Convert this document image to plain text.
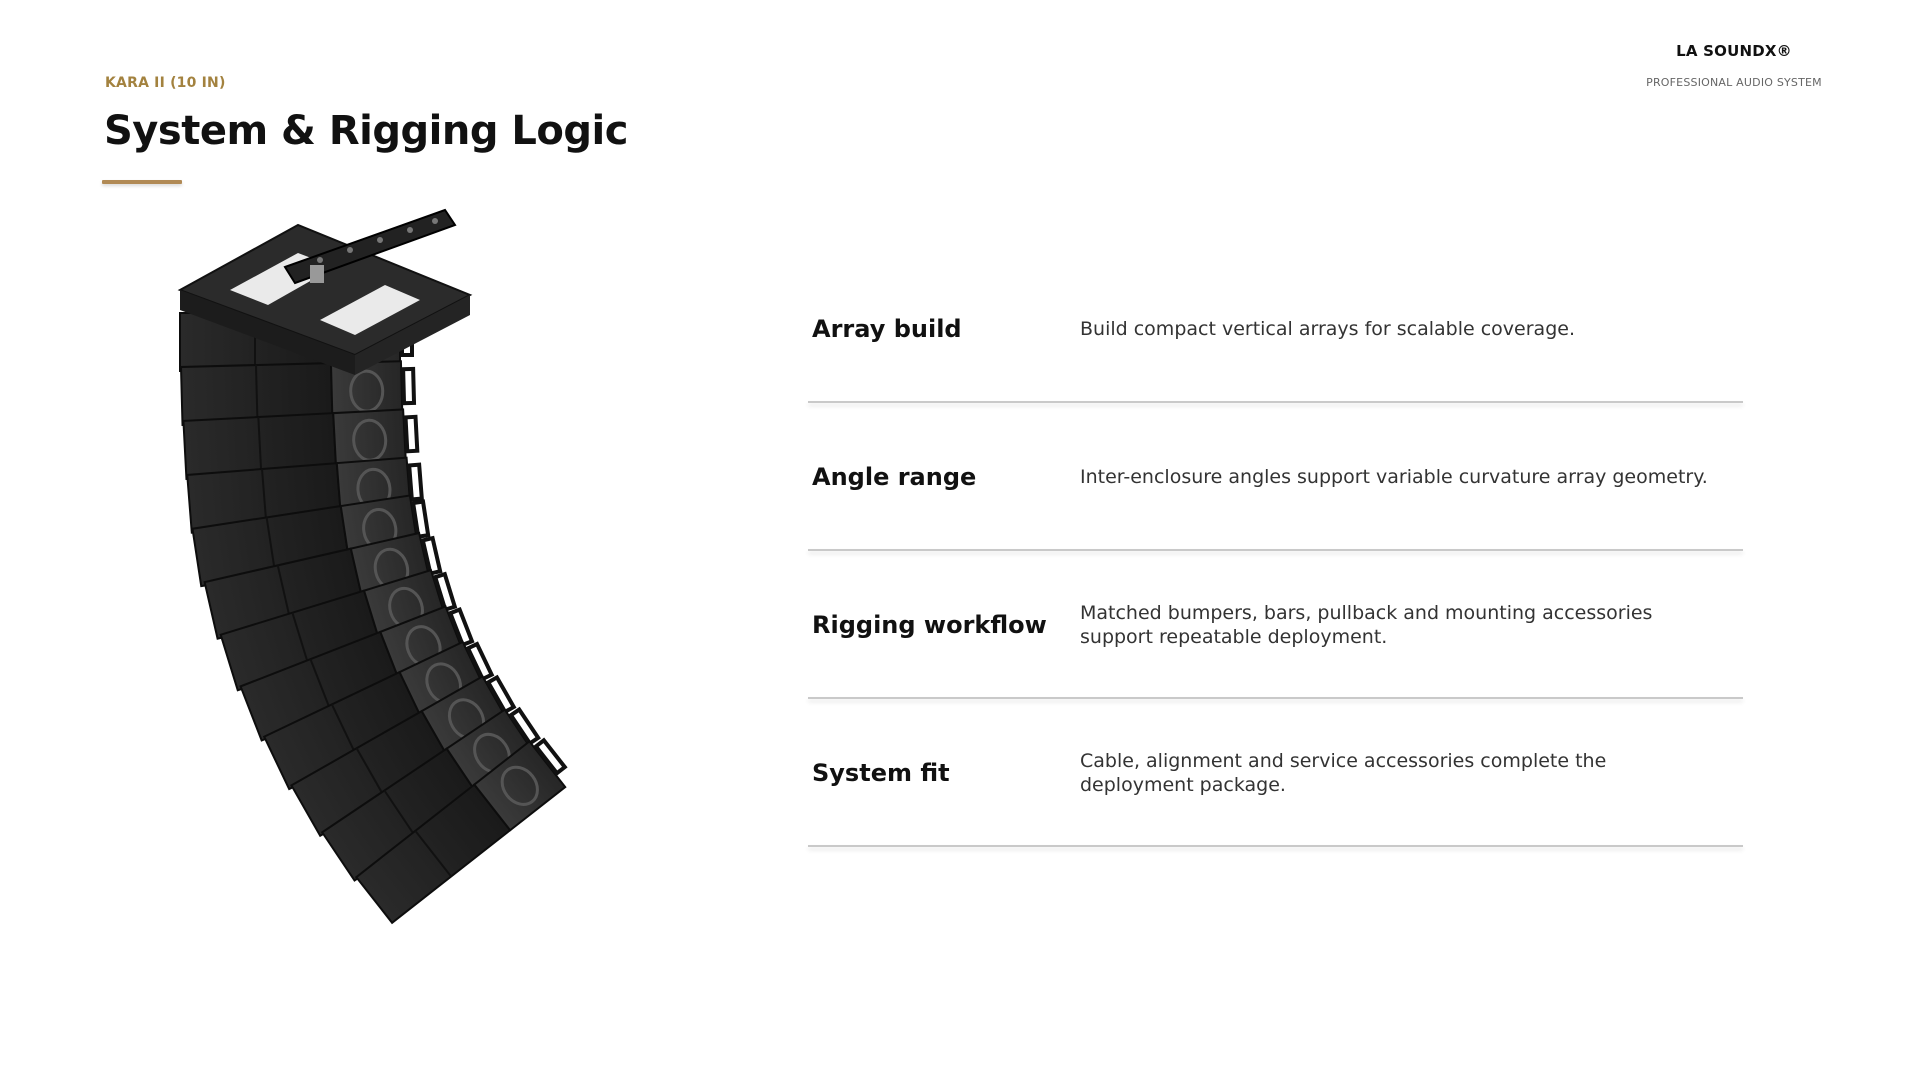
KARA II (10 IN)
System & Rigging Logic
LA SOUNDX®
PROFESSIONAL AUDIO SYSTEM
Array build	Build compact vertical arrays for scalable coverage.
Angle range	Inter-enclosure angles support variable curvature array geometry.
Rigging workflow	Matched bumpers, bars, pullback and mounting accessories support repeatable deployment.
System fit	Cable, alignment and service accessories complete the deployment package.
